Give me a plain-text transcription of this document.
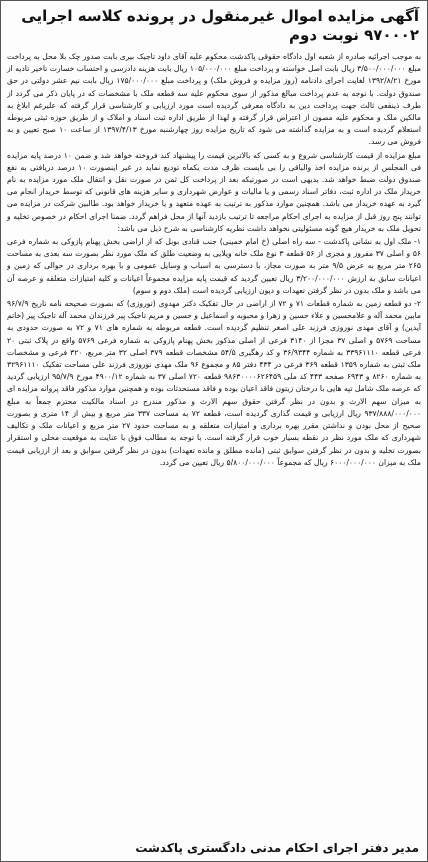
آگهی مزایده اموال غیرمنقول در پرونده کلاسه اجرایی ۹۷۰۰۰۲ نوبت دوم

به موجب اجرائیه صادره از شعبه اول دادگاه حقوقی پاکدشت محکوم علیه آقای داود تاجیک بیری بابت صدور چک بلا محل به پرداخت مبلغ ۳/۵۰۰/۰۰۰/۰۰۰ ریال بابت اصل خواسته و پرداخت مبلغ ۱۰۵/۰۰۰/۰۰۰ ریال بابت هزینه دادرسی و احتساب خسارت تاخیر تادیه از مورخ ۱۳۹۲/۸/۲۱ لغایت اجرای دادنامه (روز مزایده و فروش ملک) و پرداخت مبلغ ۱۷۵/۰۰۰/۰۰۰ ریال بابت نیم عشر دولتی در حق صندوق دولت. با توجه به عدم پرداخت مبالغ مذکور از سوی محکوم علیه سه قطعه ملک با مشخصات که در پایان ذکر می گردد از طرف ذینفعی ثالث جهت پرداخت دین به دادگاه معرفی گردیده است مورد ارزیابی و کارشناسی قرار گرفته که علیرغم ابلاغ به مالکین ملک و محکوم علیه مصون از اعتراض قرار گرفته و لهذا از طریق اداره ثبت اسناد و املاک و از طریق حوزه ثبتی مربوطه استعلام گردیده است و به مزایده گذاشته می شود که تاریخ مزایده روز چهارشنبه مورخ ۱۳۹۷/۴/۱۳ از ساعت ۱۰ صبح تعیین و به فروش می رسد.

مبلغ مزایده از قیمت کارشناسی شروع و به کسی که بالاترین قیمت را پیشنهاد کند فروخته خواهد شد و ضمن ۱۰ درصد پایه مزایده فی المجلس از برنده مزایده اخذ والباقی را بی بایست ظرف مدت یکماه تودیع نماید در غیر اینصورت ۱۰ درصد دریافتی به نفع صندوق دولت ضبط خواهد شد. بدیهی است در صورتیکه بعد از پرداخت کل ثمن در صورت نقل و انتقال ملک مورد مزایده به نام خریدار ملک در اداره ثبت، دفاتر اسناد رسمی و یا مالیات و عوارض شهرداری و سایر هزینه های قانونی که توسط خریدار انجام می گیرد به عهده خریدار می باشد. همچنین موارد مذکور به ترتیب به عهده متعهد و یا خریدار خواهد بود. طالبین شرکت در مزایده می توانند پنج روز قبل از مزایده به اجرای احکام مراجعه تا ترتیب بازدید آنها از محل فراهم گردد. ضمنا اجرای احکام در خصوص تخلیه و تحویل ملک به خریدار هیچ گونه مسئولیتی نخواهد داشت نظریه کارشناسی به شرح ذیل می باشد:

۱- ملک اول به نشانی پاکدشت - سه راه اصلی (خ امام خمینی) جنب قنادی بوبل که از اراضی بخش پهنام پازوکی به شماره فرعی ۵۶ و اصلی ۳۷ مفروز و مجزی از ۵۶ قطعه ۳ نوع ملک خانه ویلایی به وضعیت طلق که ملک مورد نظر بصورت سه بعدی به مساحت ۲۶۵ متر مربع به عرض ۹/۵ متر به صورت مجاز، با دسترسی به اسباب و وسایل عمومی و با بهره برداری در حوالی که زمین و اعیانات سابق به ارزش ۳/۲۰۰/۰۰۰/۰۰۰ ریال تعیین گردید که قیمت پایه مزایده مجموعاً اعیانات و کلیه امتیازات متعلقه و عرصه آن می باشد و ملک بدون در نظر گرفتن تعهدات و دیون ارزیابی گردیده است (ملک دوم و سوم)

۲- دو قطعه زمین به شماره قطعات ۷۱ و ۷۲ از اراضی در حال تفکیک دکتر مهدوی (توروزی) که بصورت صحیحه نامه تاریخ ۹۶/۷/۹ مابین محمد آله و علامحسین و علاء حسین و زهرا و محبوبه و اسماعیل و حسین و مریم تاجیک پیر فرزندان محمد آله تاجیک پیر (خاتم آیدین) و آقای مهدی نوروزی فرزند علی اصغر تنظیم گردیده است. قطعه مربوطه به شماره های ۷۱ و ۷۲ به صورت حدودی به مساحت ۵۷۶۹ و اصلی ۳۷ مجزا از ۳۱۴۰ فرعی از اصلی مذکور بخش پهنام پازوکی به شماره فرعی ۵۷۶۹ واقع در پلاک ثبتی ۲۰ فرعی قطعه ۳۳۹۶۱۱۱۰ به شماره ۳۶/۹۳۴۴ و کد رهگیری ۵۴/۵ مشخصات قطعه ۳۷۹ اصلی ۳۲ متر مربع، ۳۲۰ فرعی و مشخصات ملک ثبتی به شماره ۱۳۵۹ قطعه ۳۶۹ فرعی در ۴۳۴ دفتر ۸۵ و مجموع ۹۶ ملک مهدی نوروزی فرزند علی مساحت تفکیک ۳۲۹۶۱۱۱۰ به شماره ۸۲۶۰ و ۶۹۴۳ صفحه ۴۴۳ کد ملی ۹۸۶۳۰۰۰۰۶۲۶۴۵۹ قطعه ۷۲۰ اصلی ۳۷ به شماره ۴۹۰۰/۱۲ مورخ ۹۵/۷/۹ ارزیابی گردید که عرصه ملک شامل تپه هایی با درختان زیتون فاقد اعیان بوده و فاقد مستحدثات بوده و همچنین موارد مذکور فاقد پروانه مزایده ای به میزان سهم الارث و بدون در نظر گرفتن حقوق سهم الارث و مذکور مندرج در اسناد مالکیت محترم جمعاً به مبلغ ۹۳۷/۸۸۸/۰۰۰/۰۰۰ ریال ارزیابی و قیمت گذاری گردیده است، قطعه ۷۲ به مساحت ۳۳۷ متر مربع و بیش از ۱۴ متری و بصورت صحیح از محل بودن و نداشتن مقرر بهره برداری و امتیازات متعلقه و به مساحت حدود ۲۷ متر مربع و اعیانات ملک و تکالیف شهرداری که ملک مورد نظر در نقطه بسیار خوب قرار گرفته است. با توجه به مطالب فوق با عنایت به موقعیت محلی و استقرار بصورت تخلیه و بدون در نظر گرفتن سوابق ثبتی (مانده مطلق و مانده تعهدات) بدون در نظر گرفتن سوابق و بعد از ارزیابی قیمت ملک به میزان ۶۰۰۰/۰۰۰/۰۰۰ ریال که مجموعاً ۵/۸۰۰/۰۰۰/۰۰۰ ریال تعیین می گردد.

مدیر دفتر اجرای احکام مدنی دادگستری پاکدشت
